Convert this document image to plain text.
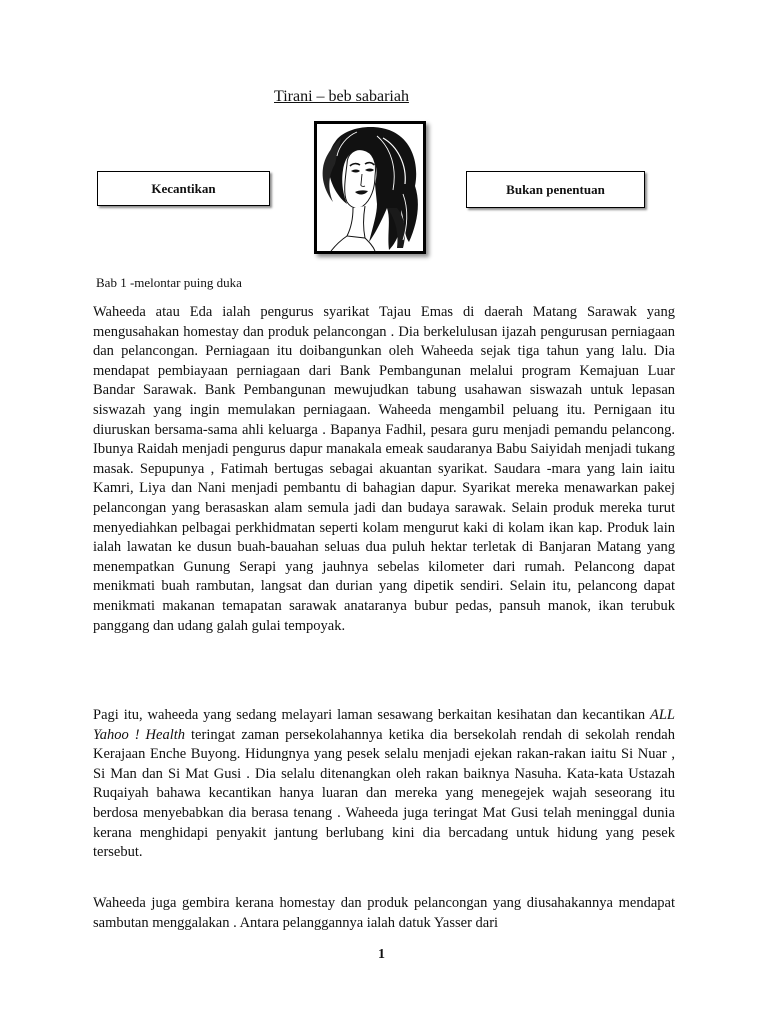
Tirani – beb sabariah
Kecantikan	Bukan penentuan
Bab 1 -melontar puing duka

Waheeda atau Eda ialah pengurus syarikat Tajau Emas di daerah Matang Sarawak yang mengusahakan homestay dan produk pelancongan . Dia berkelulusan ijazah pengurusan perniagaan dan pelancongan. Perniagaan itu doibangunkan oleh Waheeda sejak tiga tahun yang lalu. Dia mendapat pembiayaan perniagaan dari Bank Pembangunan melalui program Kemajuan Luar Bandar Sarawak. Bank Pembangunan mewujudkan tabung usahawan siswazah untuk lepasan siswazah yang ingin memulakan perniagaan. Waheeda mengambil peluang itu. Pernigaan itu diuruskan bersama-sama ahli keluarga . Bapanya Fadhil, pesara guru menjadi pemandu pelancong. Ibunya Raidah menjadi pengurus dapur manakala emeak saudaranya Babu Saiyidah menjadi tukang masak. Sepupunya , Fatimah bertugas sebagai akuantan syarikat. Saudara -mara yang lain iaitu Kamri, Liya dan Nani menjadi pembantu di bahagian dapur. Syarikat mereka menawarkan pakej pelancongan yang berasaskan alam semula jadi dan budaya sarawak. Selain produk mereka turut menyediahkan pelbagai perkhidmatan seperti kolam mengurut kaki di kolam ikan kap. Produk lain ialah lawatan ke dusun buah-bauahan seluas dua puluh hektar terletak di Banjaran Matang yang menempatkan Gunung Serapi yang jauhnya sebelas kilometer dari rumah. Pelancong dapat menikmati buah rambutan, langsat dan durian yang dipetik sendiri. Selain itu, pelancong dapat menikmati makanan temapatan sarawak anataranya bubur pedas, pansuh manok, ikan terubuk panggang dan udang galah gulai tempoyak.

Pagi itu, waheeda yang sedang melayari laman sesawang berkaitan kesihatan dan kecantikan ALL Yahoo ! Health teringat zaman persekolahannya ketika dia bersekolah rendah di sekolah rendah Kerajaan Enche Buyong. Hidungnya yang pesek selalu menjadi ejekan rakan-rakan iaitu Si Nuar , Si Man dan Si Mat Gusi . Dia selalu ditenangkan oleh rakan baiknya Nasuha. Kata-kata Ustazah Ruqaiyah bahawa kecantikan hanya luaran dan mereka yang menegejek wajah seseorang itu berdosa menyebabkan dia berasa tenang . Waheeda juga teringat Mat Gusi telah meninggal dunia kerana menghidapi penyakit jantung berlubang kini dia bercadang untuk hidung yang pesek tersebut.

Waheeda juga gembira kerana homestay dan produk pelancongan yang diusahakannya mendapat sambutan menggalakan . Antara pelanggannya ialah datuk Yasser dari

1
